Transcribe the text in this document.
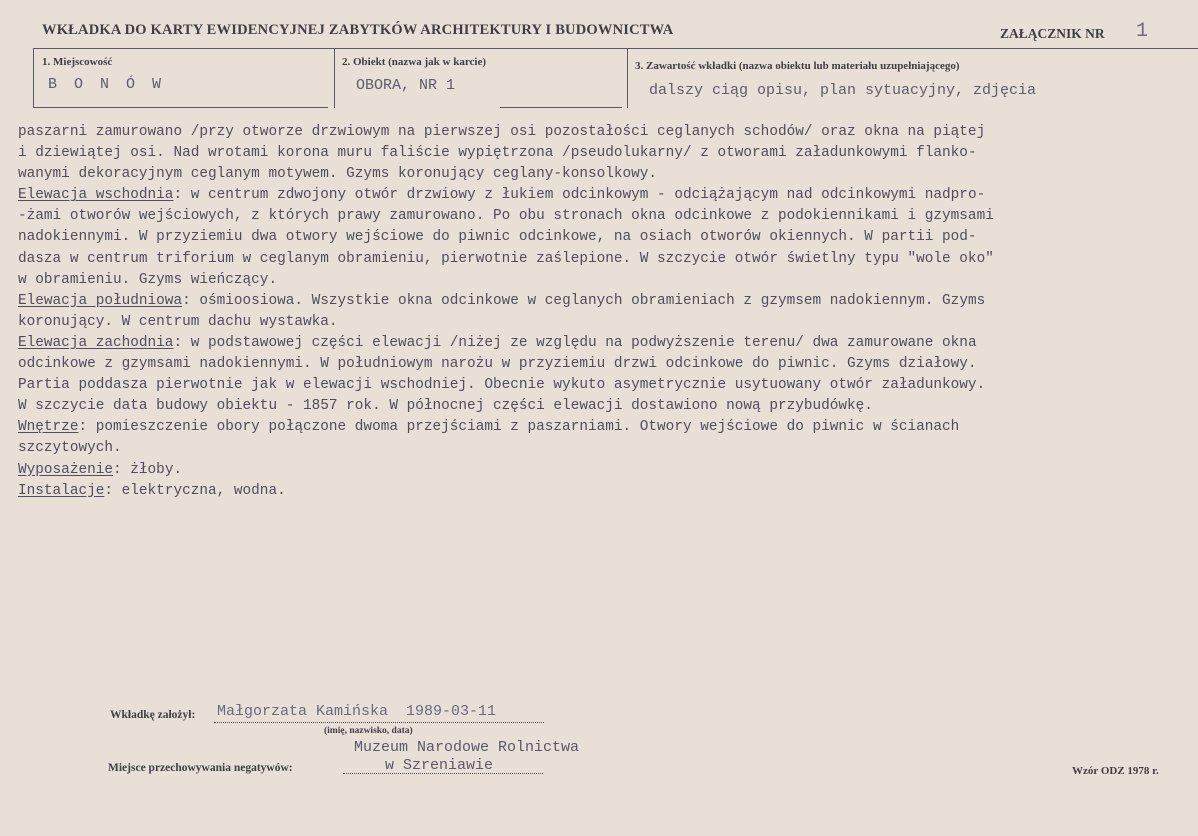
WKŁADKA DO KARTY EWIDENCYJNEJ ZABYTKÓW ARCHITEKTURY I BUDOWNICTWA	ZAŁĄCZNIK NR 1
1. Miejscowość
B O N Ó W
2. Obiekt (nazwa jak w karcie)
OBORA, NR 1
3. Zawartość wkładki (nazwa obiektu lub materiału uzupełniającego)
dalszy ciąg opisu, plan sytuacyjny, zdjęcia
paszarni zamurowano /przy otworze drzwiowym na pierwszej osi pozostałości ceglanych schodów/ oraz okna na piątej
i dziewiątej osi. Nad wrotami korona muru faliście wypiętrzona /pseudolukarny/ z otworami załadunkowymi flanko-
wanymi dekoracyjnym ceglanym motywem. Gzyms koronujący ceglany-konsolkowy.
Elewacja wschodnia: w centrum zdwojony otwór drzwiowy z łukiem odcinkowym - odciążającym nad odcinkowymi nadpro-
-żami otworów wejściowych, z których prawy zamurowano. Po obu stronach okna odcinkowe z podokiennikami i gzymsami
nadokiennymi. W przyziemiu dwa otwory wejściowe do piwnic odcinkowe, na osiach otworów okiennych. W partii pod-
dasza w centrum triforium w ceglanym obramieniu, pierwotnie zaślepione. W szczycie otwór świetlny typu "wole oko"
w obramieniu. Gzyms wieńczący.
Elewacja południowa: ośmioosiowa. Wszystkie okna odcinkowe w ceglanych obramieniach z gzymsem nadokiennym. Gzyms
koronujący. W centrum dachu wystawka.
Elewacja zachodnia: w podstawowej części elewacji /niżej ze względu na podwyższenie terenu/ dwa zamurowane okna
odcinkowe z gzymsami nadokiennymi. W południowym narożu w przyziemiu drzwi odcinkowe do piwnic. Gzyms działowy.
Partia poddasza pierwotnie jak w elewacji wschodniej. Obecnie wykuto asymetrycznie usytuowany otwór załadunkowy.
W szczycie data budowy obiektu - 1857 rok. W północnej części elewacji dostawiono nową przybudówkę.
Wnętrze: pomieszczenie obory połączone dwoma przejściami z paszarniami. Otwory wejściowe do piwnic w ścianach
szczytowych.
Wyposażenie: żłoby.
Instalacje: elektryczna, wodna.
Wkładkę założył: Małgorzata Kamińska  1989-03-11
(imię, nazwisko, data)
Muzeum Narodowe Rolnictwa
w Szreniawie
Miejsce przechowywania negatywów:	Wzór ODZ 1978 r.
